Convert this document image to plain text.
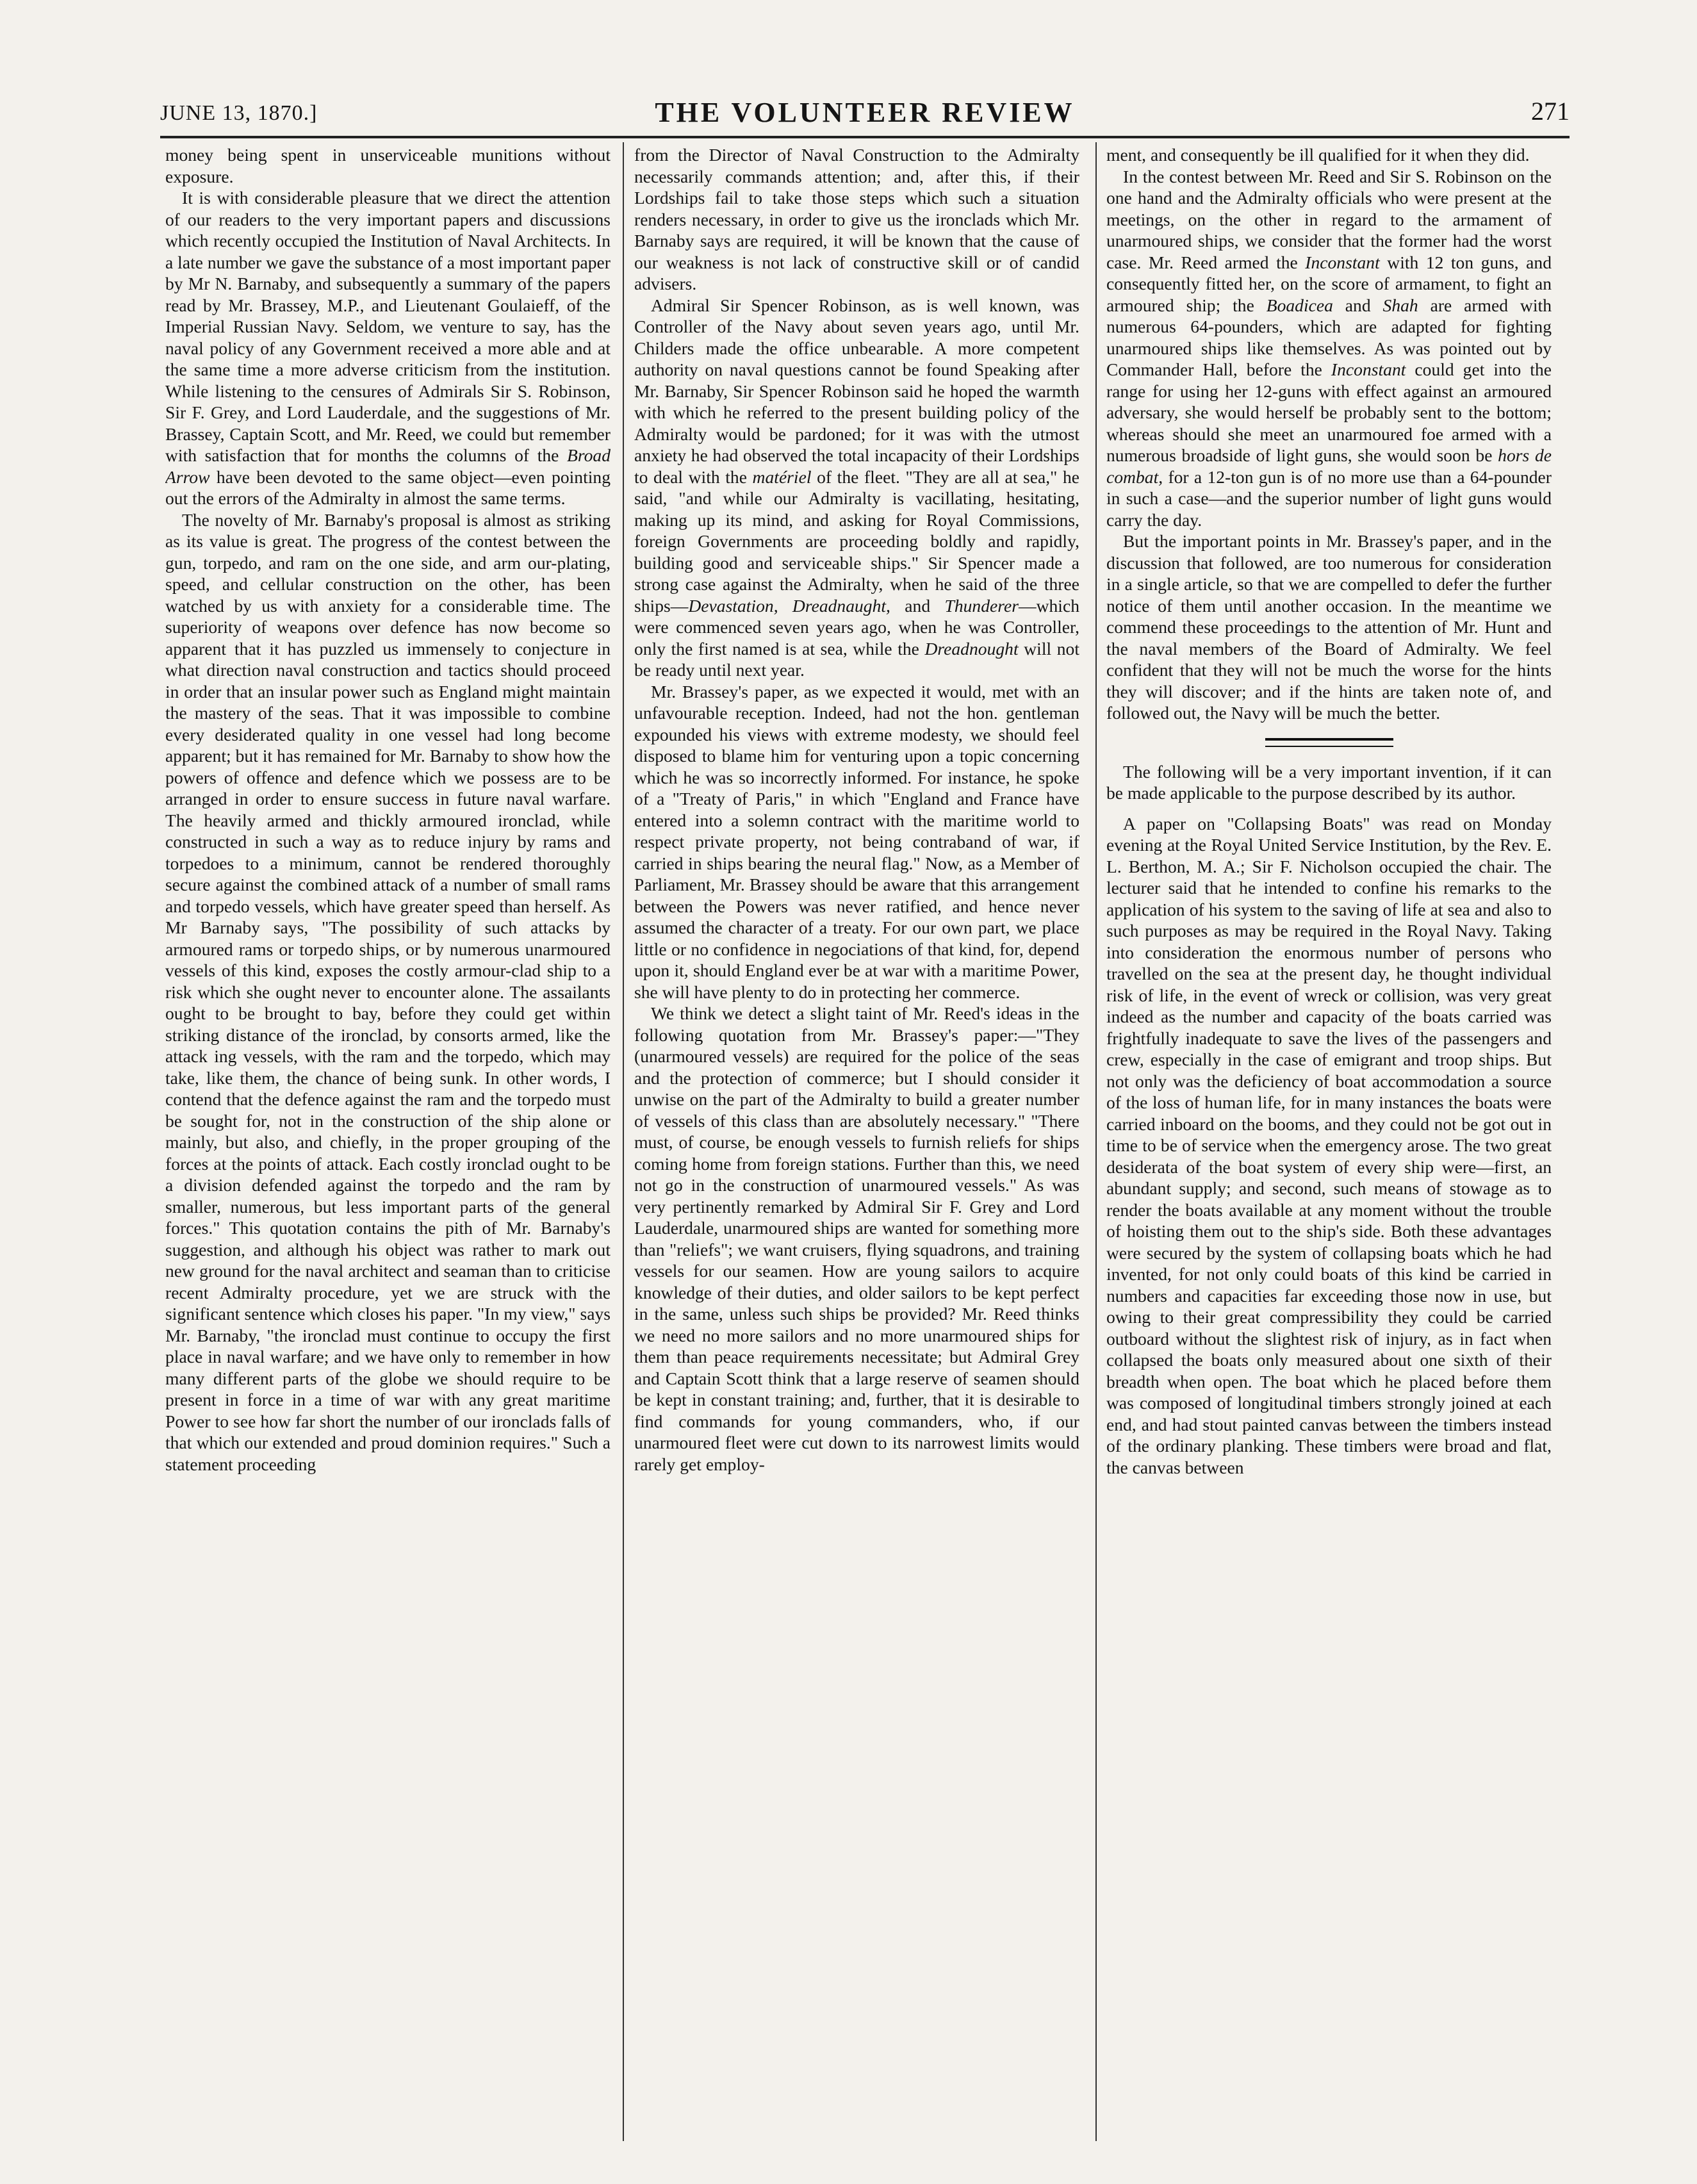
JUNE 13, 1870.]	THE VOLUNTEER REVIEW	271

money being spent in unserviceable munitions without exposure.

It is with considerable pleasure that we direct the attention of our readers to the very important papers and discussions which recently occupied the Institution of Naval Architects. In a late number we gave the substance of a most important paper by Mr N. Barnaby, and subsequently a summary of the papers read by Mr. Brassey, M.P., and Lieutenant Goulaieff, of the Imperial Russian Navy. Seldom, we venture to say, has the naval policy of any Government received a more able and at the same time a more adverse criticism from the institution. While listening to the censures of Admirals Sir S. Robinson, Sir F. Grey, and Lord Lauderdale, and the suggestions of Mr. Brassey, Captain Scott, and Mr. Reed, we could but remember with satisfaction that for months the columns of the Broad Arrow have been devoted to the same object—even pointing out the errors of the Admiralty in almost the same terms.

The novelty of Mr. Barnaby's proposal is almost as striking as its value is great. The progress of the contest between the gun, torpedo, and ram on the one side, and arm our-plating, speed, and cellular construction on the other, has been watched by us with anxiety for a considerable time. The superiority of weapons over defence has now become so apparent that it has puzzled us immensely to conjecture in what direction naval construction and tactics should proceed in order that an insular power such as England might maintain the mastery of the seas. That it was impossible to combine every desiderated quality in one vessel had long become apparent; but it has remained for Mr. Barnaby to show how the powers of offence and defence which we possess are to be arranged in order to ensure success in future naval warfare. The heavily armed and thickly armoured ironclad, while constructed in such a way as to reduce injury by rams and torpedoes to a minimum, cannot be rendered thoroughly secure against the combined attack of a number of small rams and torpedo vessels, which have greater speed than herself. As Mr Barnaby says, "The possibility of such attacks by armoured rams or torpedo ships, or by numerous unarmoured vessels of this kind, exposes the costly armour-clad ship to a risk which she ought never to encounter alone. The assailants ought to be brought to bay, before they could get within striking distance of the ironclad, by consorts armed, like the attack ing vessels, with the ram and the torpedo, which may take, like them, the chance of being sunk. In other words, I contend that the defence against the ram and the torpedo must be sought for, not in the construction of the ship alone or mainly, but also, and chiefly, in the proper grouping of the forces at the points of attack. Each costly ironclad ought to be a division defended against the torpedo and the ram by smaller, numerous, but less important parts of the general forces." This quotation contains the pith of Mr. Barnaby's suggestion, and although his object was rather to mark out new ground for the naval architect and seaman than to criticise recent Admiralty procedure, yet we are struck with the significant sentence which closes his paper. "In my view," says Mr. Barnaby, "the ironclad must continue to occupy the first place in naval warfare; and we have only to remember in how many different parts of the globe we should require to be present in force in a time of war with any great maritime Power to see how far short the number of our ironclads falls of that which our extended and proud dominion requires." Such a statement proceeding

from the Director of Naval Construction to the Admiralty necessarily commands attention; and, after this, if their Lordships fail to take those steps which such a situation renders necessary, in order to give us the ironclads which Mr. Barnaby says are required, it will be known that the cause of our weakness is not lack of constructive skill or of candid advisers.

Admiral Sir Spencer Robinson, as is well known, was Controller of the Navy about seven years ago, until Mr. Childers made the office unbearable. A more competent authority on naval questions cannot be found Speaking after Mr. Barnaby, Sir Spencer Robinson said he hoped the warmth with which he referred to the present building policy of the Admiralty would be pardoned; for it was with the utmost anxiety he had observed the total incapacity of their Lordships to deal with the matériel of the fleet. "They are all at sea," he said, "and while our Admiralty is vacillating, hesitating, making up its mind, and asking for Royal Commissions, foreign Governments are proceeding boldly and rapidly, building good and serviceable ships." Sir Spencer made a strong case against the Admiralty, when he said of the three ships—Devastation, Dreadnaught, and Thunderer—which were commenced seven years ago, when he was Controller, only the first named is at sea, while the Dreadnought will not be ready until next year.

Mr. Brassey's paper, as we expected it would, met with an unfavourable reception. Indeed, had not the hon. gentleman expounded his views with extreme modesty, we should feel disposed to blame him for venturing upon a topic concerning which he was so incorrectly informed. For instance, he spoke of a "Treaty of Paris," in which "England and France have entered into a solemn contract with the maritime world to respect private property, not being contraband of war, if carried in ships bearing the neural flag." Now, as a Member of Parliament, Mr. Brassey should be aware that this arrangement between the Powers was never ratified, and hence never assumed the character of a treaty. For our own part, we place little or no confidence in negociations of that kind, for, depend upon it, should England ever be at war with a maritime Power, she will have plenty to do in protecting her commerce.

We think we detect a slight taint of Mr. Reed's ideas in the following quotation from Mr. Brassey's paper:—"They (unarmoured vessels) are required for the police of the seas and the protection of commerce; but I should consider it unwise on the part of the Admiralty to build a greater number of vessels of this class than are absolutely necessary." "There must, of course, be enough vessels to furnish reliefs for ships coming home from foreign stations. Further than this, we need not go in the construction of unarmoured vessels." As was very pertinently remarked by Admiral Sir F. Grey and Lord Lauderdale, unarmoured ships are wanted for something more than "reliefs"; we want cruisers, flying squadrons, and training vessels for our seamen. How are young sailors to acquire knowledge of their duties, and older sailors to be kept perfect in the same, unless such ships be provided? Mr. Reed thinks we need no more sailors and no more unarmoured ships for them than peace requirements necessitate; but Admiral Grey and Captain Scott think that a large reserve of seamen should be kept in constant training; and, further, that it is desirable to find commands for young commanders, who, if our unarmoured fleet were cut down to its narrowest limits would rarely get employ-

ment, and consequently be ill qualified for it when they did.

In the contest between Mr. Reed and Sir S. Robinson on the one hand and the Admiralty officials who were present at the meetings, on the other in regard to the armament of unarmoured ships, we consider that the former had the worst case. Mr. Reed armed the Inconstant with 12 ton guns, and consequently fitted her, on the score of armament, to fight an armoured ship; the Boadicea and Shah are armed with numerous 64-pounders, which are adapted for fighting unarmoured ships like themselves. As was pointed out by Commander Hall, before the Inconstant could get into the range for using her 12-guns with effect against an armoured adversary, she would herself be probably sent to the bottom; whereas should she meet an unarmoured foe armed with a numerous broadside of light guns, she would soon be hors de combat, for a 12-ton gun is of no more use than a 64-pounder in such a case—and the superior number of light guns would carry the day.

But the important points in Mr. Brassey's paper, and in the discussion that followed, are too numerous for consideration in a single article, so that we are compelled to defer the further notice of them until another occasion. In the meantime we commend these proceedings to the attention of Mr. Hunt and the naval members of the Board of Admiralty. We feel confident that they will not be much the worse for the hints they will discover; and if the hints are taken note of, and followed out, the Navy will be much the better.

The following will be a very important invention, if it can be made applicable to the purpose described by its author.

A paper on "Collapsing Boats" was read on Monday evening at the Royal United Service Institution, by the Rev. E. L. Berthon, M. A.; Sir F. Nicholson occupied the chair. The lecturer said that he intended to confine his remarks to the application of his system to the saving of life at sea and also to such purposes as may be required in the Royal Navy. Taking into consideration the enormous number of persons who travelled on the sea at the present day, he thought individual risk of life, in the event of wreck or collision, was very great indeed as the number and capacity of the boats carried was frightfully inadequate to save the lives of the passengers and crew, especially in the case of emigrant and troop ships. But not only was the deficiency of boat accommodation a source of the loss of human life, for in many instances the boats were carried inboard on the booms, and they could not be got out in time to be of service when the emergency arose. The two great desiderata of the boat system of every ship were—first, an abundant supply; and second, such means of stowage as to render the boats available at any moment without the trouble of hoisting them out to the ship's side. Both these advantages were secured by the system of collapsing boats which he had invented, for not only could boats of this kind be carried in numbers and capacities far exceeding those now in use, but owing to their great compressibility they could be carried outboard without the slightest risk of injury, as in fact when collapsed the boats only measured about one sixth of their breadth when open. The boat which he placed before them was composed of longitudinal timbers strongly joined at each end, and had stout painted canvas between the timbers instead of the ordinary planking. These timbers were broad and flat, the canvas between
